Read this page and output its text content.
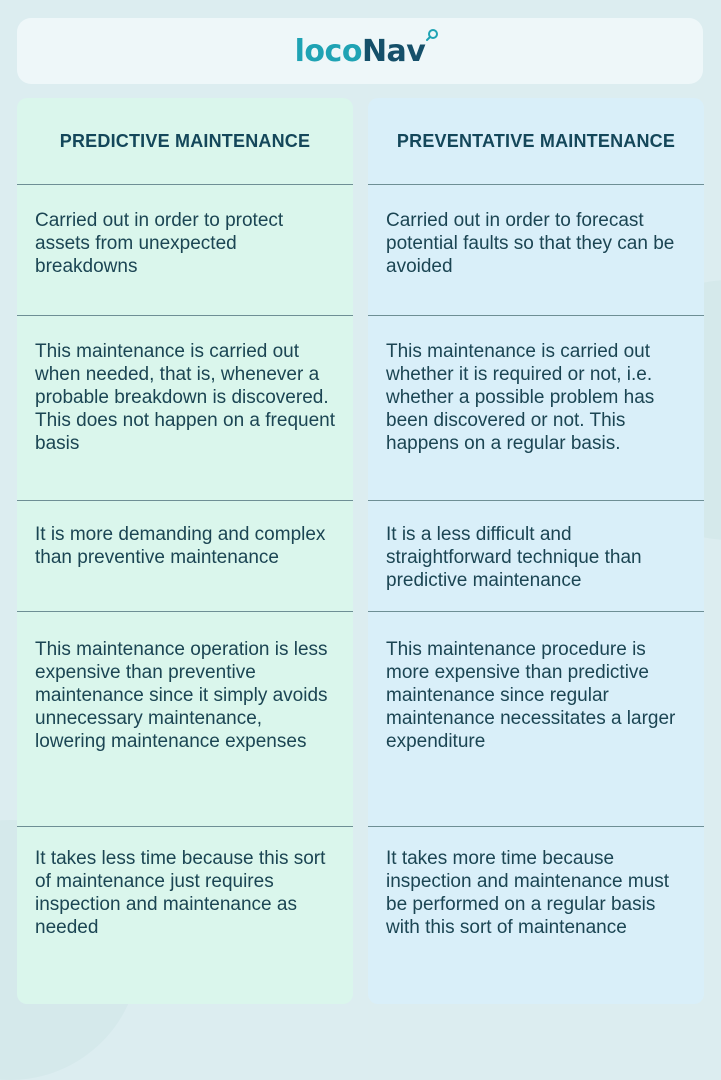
loco Nav
PREDICTIVE MAINTENANCE

Carried out in order to protect assets from unexpected breakdowns

This maintenance is carried out when needed, that is, whenever a probable breakdown is discovered. This does not happen on a frequent basis

It is more demanding and complex than preventive maintenance

This maintenance operation is less expensive than preventive maintenance since it simply avoids unnecessary maintenance, lowering maintenance expenses

It takes less time because this sort of maintenance just requires inspection and maintenance as needed

PREVENTATIVE MAINTENANCE

Carried out in order to forecast potential faults so that they can be avoided

This maintenance is carried out whether it is required or not, i.e. whether a possible problem has been discovered or not. This happens on a regular basis.

It is a less difficult and straightforward technique than predictive maintenance

This maintenance procedure is more expensive than predictive maintenance since regular maintenance necessitates a larger expenditure

It takes more time because inspection and maintenance must be performed on a regular basis with this sort of maintenance
